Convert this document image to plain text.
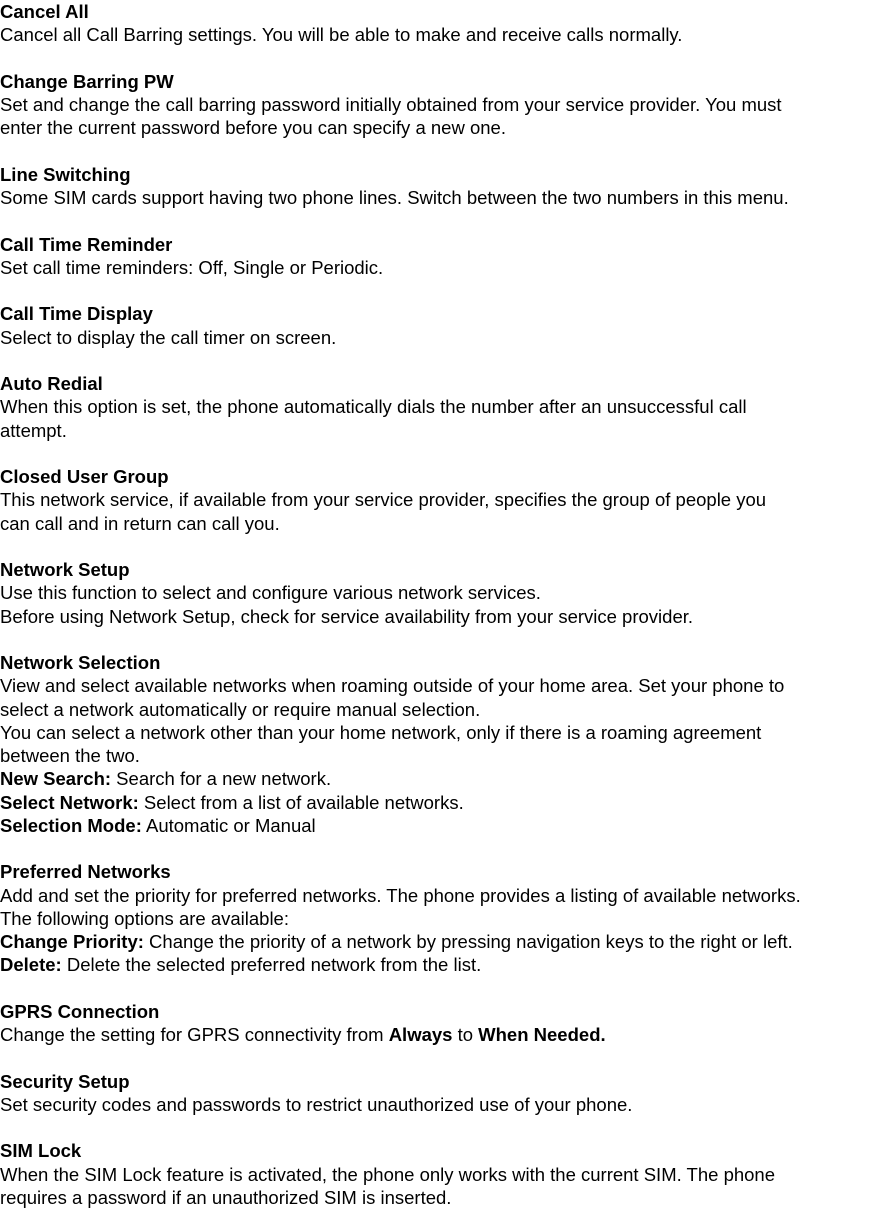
Cancel All
Cancel all Call Barring settings. You will be able to make and receive calls normally.
Change Barring PW
Set and change the call barring password initially obtained from your service provider. You must
enter the current password before you can specify a new one.
Line Switching
Some SIM cards support having two phone lines. Switch between the two numbers in this menu.
Call Time Reminder
Set call time reminders: Off, Single or Periodic.
Call Time Display
Select to display the call timer on screen.
Auto Redial
When this option is set, the phone automatically dials the number after an unsuccessful call
attempt.
Closed User Group
This network service, if available from your service provider, specifies the group of people you
can call and in return can call you.
Network Setup
Use this function to select and configure various network services.
Before using Network Setup, check for service availability from your service provider.
Network Selection
View and select available networks when roaming outside of your home area. Set your phone to
select a network automatically or require manual selection.
You can select a network other than your home network, only if there is a roaming agreement
between the two.
New Search: Search for a new network.
Select Network: Select from a list of available networks.
Selection Mode: Automatic or Manual
Preferred Networks
Add and set the priority for preferred networks. The phone provides a listing of available networks.
The following options are available:
Change Priority: Change the priority of a network by pressing navigation keys to the right or left.
Delete: Delete the selected preferred network from the list.
GPRS Connection
Change the setting for GPRS connectivity from Always to When Needed.
Security Setup
Set security codes and passwords to restrict unauthorized use of your phone.
SIM Lock
When the SIM Lock feature is activated, the phone only works with the current SIM. The phone
requires a password if an unauthorized SIM is inserted.
